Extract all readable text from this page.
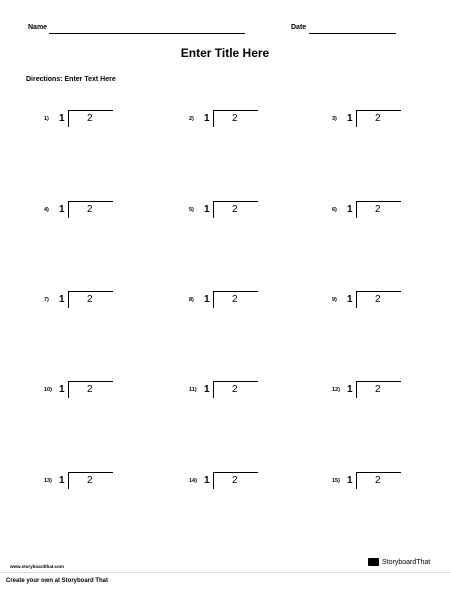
Name	Date
Enter Title Here
Directions: Enter Text Here
1) 1 2	2) 1 2	3) 1 2
4) 1 2	5) 1 2	6) 1 2
7) 1 2	8) 1 2	9) 1 2
10) 1 2	11) 1 2	12) 1 2
13) 1 2	14) 1 2	15) 1 2
www.storyboardthat.com
StoryboardThat
Create your own at Storyboard That
